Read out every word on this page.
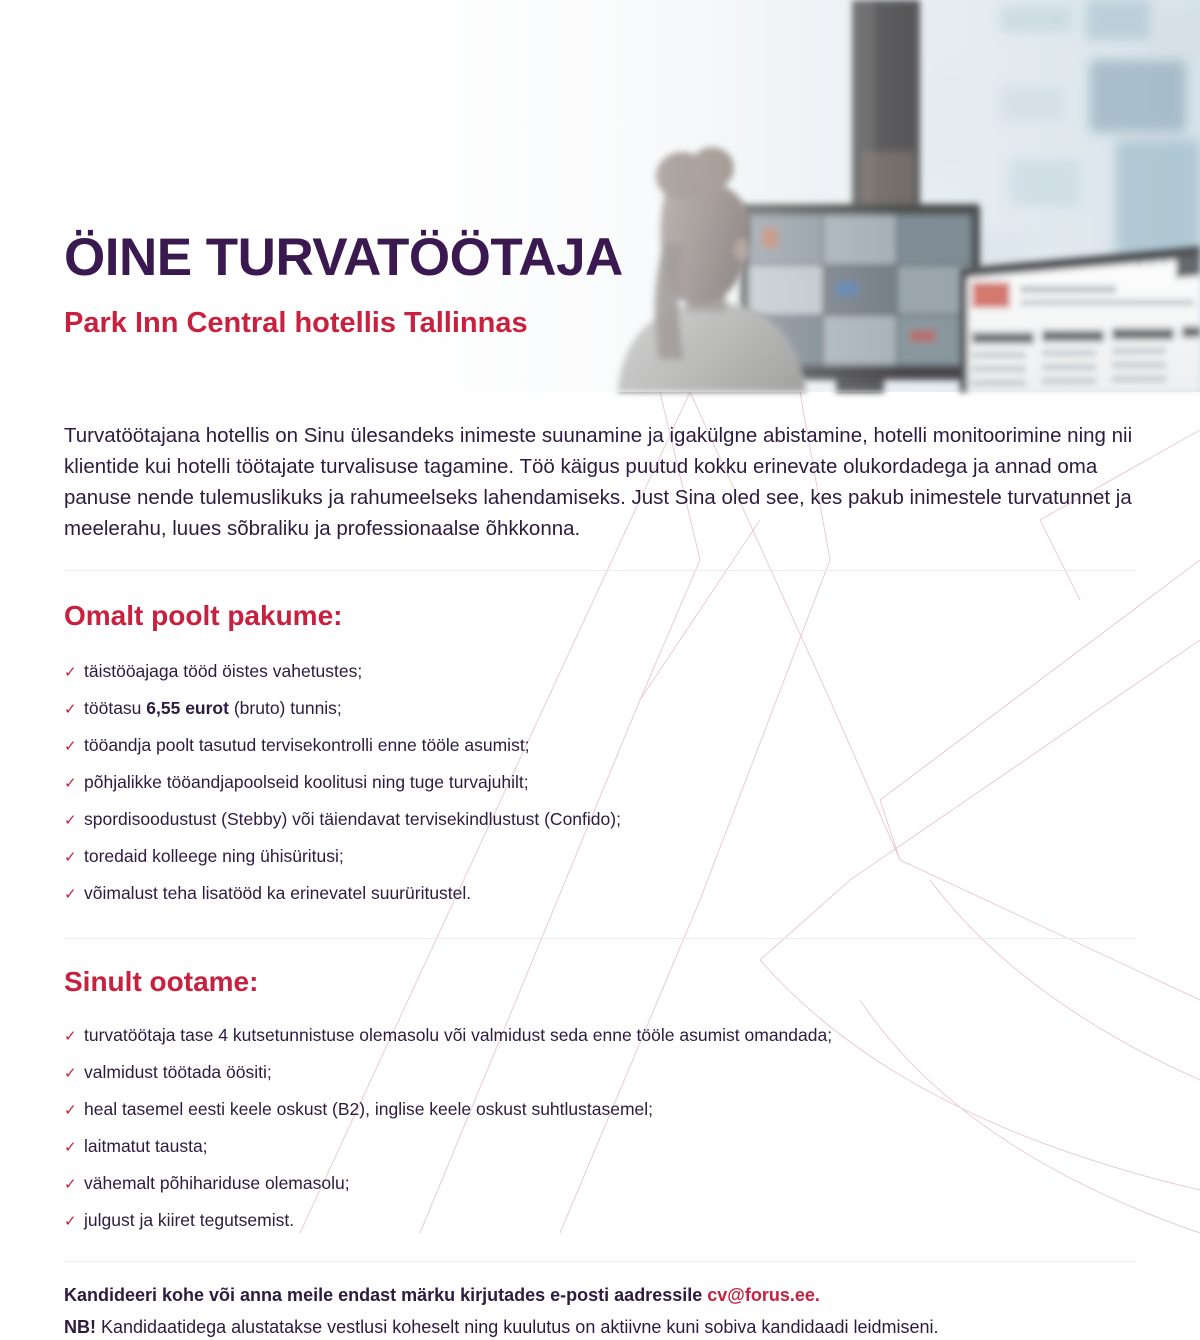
ÖINE TURVATÖÖTAJA
Park Inn Central hotellis Tallinnas

Turvatöötajana hotellis on Sinu ülesandeks inimeste suunamine ja igakülgne abistamine, hotelli monitoorimine ning nii klientide kui hotelli töötajate turvalisuse tagamine. Töö käigus puutud kokku erinevate olukordadega ja annad oma panuse nende tulemuslikuks ja rahumeelseks lahendamiseks. Just Sina oled see, kes pakub inimestele turvatunnet ja meelerahu, luues sõbraliku ja professionaalse õhkkonna.

Omalt poolt pakume:
✓ täistööajaga tööd öistes vahetustes;
✓ töötasu 6,55 eurot (bruto) tunnis;
✓ tööandja poolt tasutud tervisekontrolli enne tööle asumist;
✓ põhjalikke tööandjapoolseid koolitusi ning tuge turvajuhilt;
✓ spordisoodustust (Stebby) või täiendavat tervisekindlustust (Confido);
✓ toredaid kolleege ning ühisüritusi;
✓ võimalust teha lisatööd ka erinevatel suurüritustel.
Sinult ootame:
✓ turvatöötaja tase 4 kutsetunnistuse olemasolu või valmidust seda enne tööle asumist omandada;
✓ valmidust töötada öösiti;
✓ heal tasemel eesti keele oskust (B2), inglise keele oskust suhtlustasemel;
✓ laitmatut tausta;
✓ vähemalt põhihariduse olemasolu;
✓ julgust ja kiiret tegutsemist.
Kandideeri kohe või anna meile endast märku kirjutades e-posti aadressile cv@forus.ee.
NB! Kandidaatidega alustatakse vestlusi koheselt ning kuulutus on aktiivne kuni sobiva kandidaadi leidmiseni.
